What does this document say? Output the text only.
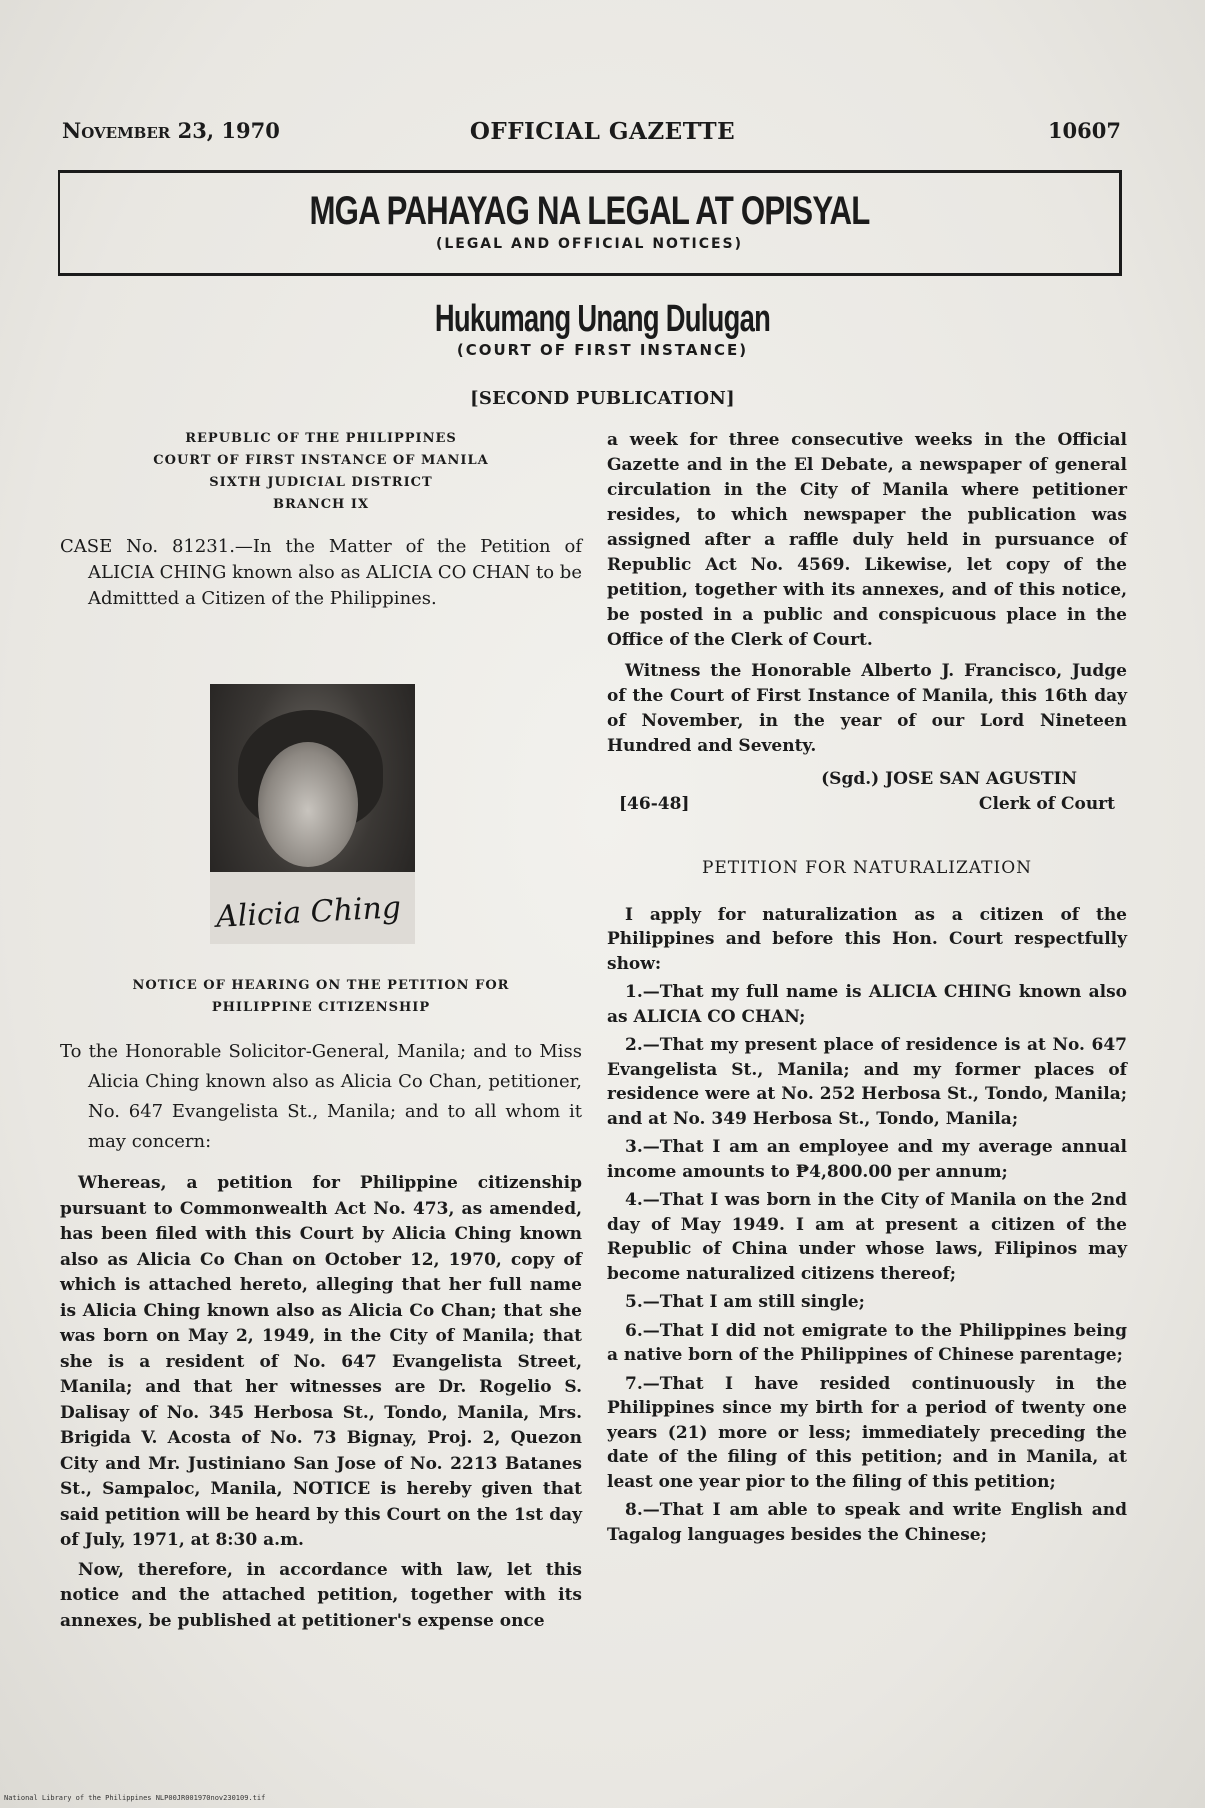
November 23, 1970	OFFICIAL GAZETTE	10607
MGA PAHAYAG NA LEGAL AT OPISYAL
(LEGAL AND OFFICIAL NOTICES)
Hukumang Unang Dulugan
(COURT OF FIRST INSTANCE)
[SECOND PUBLICATION]
REPUBLIC OF THE PHILIPPINES
COURT OF FIRST INSTANCE OF MANILA
SIXTH JUDICIAL DISTRICT
BRANCH IX

CASE No. 81231.—In the Matter of the Petition of ALICIA CHING known also as ALICIA CO CHAN to be Admittted a Citizen of the Philippines.

Alicia Ching
NOTICE OF HEARING ON THE PETITION FOR
PHILIPPINE CITIZENSHIP

To the Honorable Solicitor-General, Manila; and to Miss Alicia Ching known also as Alicia Co Chan, petitioner, No. 647 Evangelista St., Manila; and to all whom it may concern:

Whereas, a petition for Philippine citizenship pursuant to Commonwealth Act No. 473, as amended, has been filed with this Court by Alicia Ching known also as Alicia Co Chan on October 12, 1970, copy of which is attached hereto, alleging that her full name is Alicia Ching known also as Alicia Co Chan; that she was born on May 2, 1949, in the City of Manila; that she is a resident of No. 647 Evangelista Street, Manila; and that her witnesses are Dr. Rogelio S. Dalisay of No. 345 Herbosa St., Tondo, Manila, Mrs. Brigida V. Acosta of No. 73 Bignay, Proj. 2, Quezon City and Mr. Justiniano San Jose of No. 2213 Batanes St., Sampaloc, Manila, NOTICE is hereby given that said petition will be heard by this Court on the 1st day of July, 1971, at 8:30 a.m.

Now, therefore, in accordance with law, let this notice and the attached petition, together with its annexes, be published at petitioner's expense once

a week for three consecutive weeks in the Official Gazette and in the El Debate, a newspaper of general circulation in the City of Manila where petitioner resides, to which newspaper the publication was assigned after a raffle duly held in pursuance of Republic Act No. 4569. Likewise, let copy of the petition, together with its annexes, and of this notice, be posted in a public and conspicuous place in the Office of the Clerk of Court.

Witness the Honorable Alberto J. Francisco, Judge of the Court of First Instance of Manila, this 16th day of November, in the year of our Lord Nineteen Hundred and Seventy.

(Sgd.) JOSE SAN AGUSTIN
[46-48]	Clerk of Court
PETITION FOR NATURALIZATION

I apply for naturalization as a citizen of the Philippines and before this Hon. Court respectfully show:

1.—That my full name is ALICIA CHING known also as ALICIA CO CHAN;

2.—That my present place of residence is at No. 647 Evangelista St., Manila; and my former places of residence were at No. 252 Herbosa St., Tondo, Manila; and at No. 349 Herbosa St., Tondo, Manila;

3.—That I am an employee and my average annual income amounts to ₱4,800.00 per annum;

4.—That I was born in the City of Manila on the 2nd day of May 1949. I am at present a citizen of the Republic of China under whose laws, Filipinos may become naturalized citizens thereof;

5.—That I am still single;

6.—That I did not emigrate to the Philippines being a native born of the Philippines of Chinese parentage;

7.—That I have resided continuously in the Philippines since my birth for a period of twenty one years (21) more or less; immediately preceding the date of the filing of this petition; and in Manila, at least one year pior to the filing of this petition;

8.—That I am able to speak and write English and Tagalog languages besides the Chinese;

National Library of the Philippines NLP00JR001970nov230109.tif
